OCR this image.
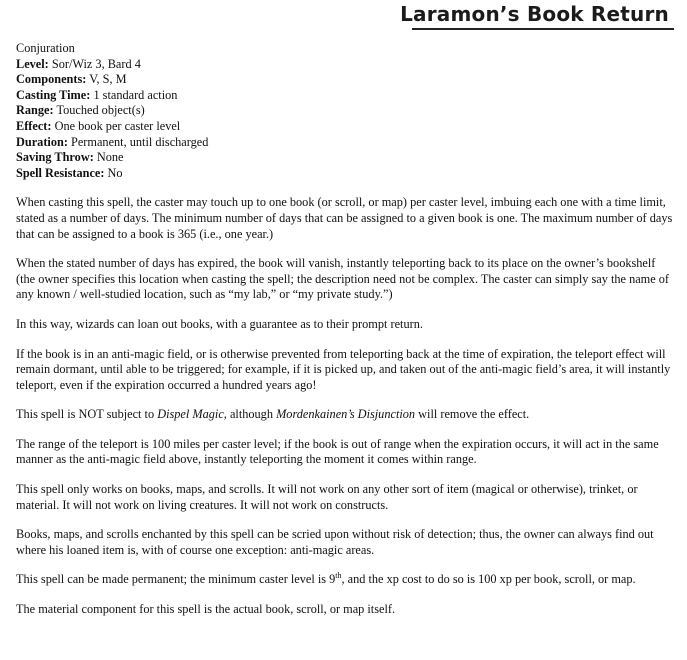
Laramon’s Book Return

Conjuration

Level: Sor/Wiz 3, Bard 4

Components: V, S, M

Casting Time: 1 standard action

Range: Touched object(s)

Effect: One book per caster level

Duration: Permanent, until discharged

Saving Throw: None

Spell Resistance: No

When casting this spell, the caster may touch up to one book (or scroll, or map) per caster level, imbuing each one with a time limit, stated as a number of days. The minimum number of days that can be assigned to a given book is one. The maximum number of days that can be assigned to a book is 365 (i.e., one year.)

When the stated number of days has expired, the book will vanish, instantly teleporting back to its place on the owner’s bookshelf (the owner specifies this location when casting the spell; the description need not be complex. The caster can simply say the name of any known / well-studied location, such as “my lab,” or “my private study.”)

In this way, wizards can loan out books, with a guarantee as to their prompt return.

If the book is in an anti-magic field, or is otherwise prevented from teleporting back at the time of expiration, the teleport effect will remain dormant, until able to be triggered; for example, if it is picked up, and taken out of the anti-magic field’s area, it will instantly teleport, even if the expiration occurred a hundred years ago!

This spell is NOT subject to Dispel Magic, although Mordenkainen’s Disjunction will remove the effect.

The range of the teleport is 100 miles per caster level; if the book is out of range when the expiration occurs, it will act in the same manner as the anti-magic field above, instantly teleporting the moment it comes within range.

This spell only works on books, maps, and scrolls. It will not work on any other sort of item (magical or otherwise), trinket, or material. It will not work on living creatures. It will not work on constructs.

Books, maps, and scrolls enchanted by this spell can be scried upon without risk of detection; thus, the owner can always find out where his loaned item is, with of course one exception: anti-magic areas.

This spell can be made permanent; the minimum caster level is 9th, and the xp cost to do so is 100 xp per book, scroll, or map.

The material component for this spell is the actual book, scroll, or map itself.
